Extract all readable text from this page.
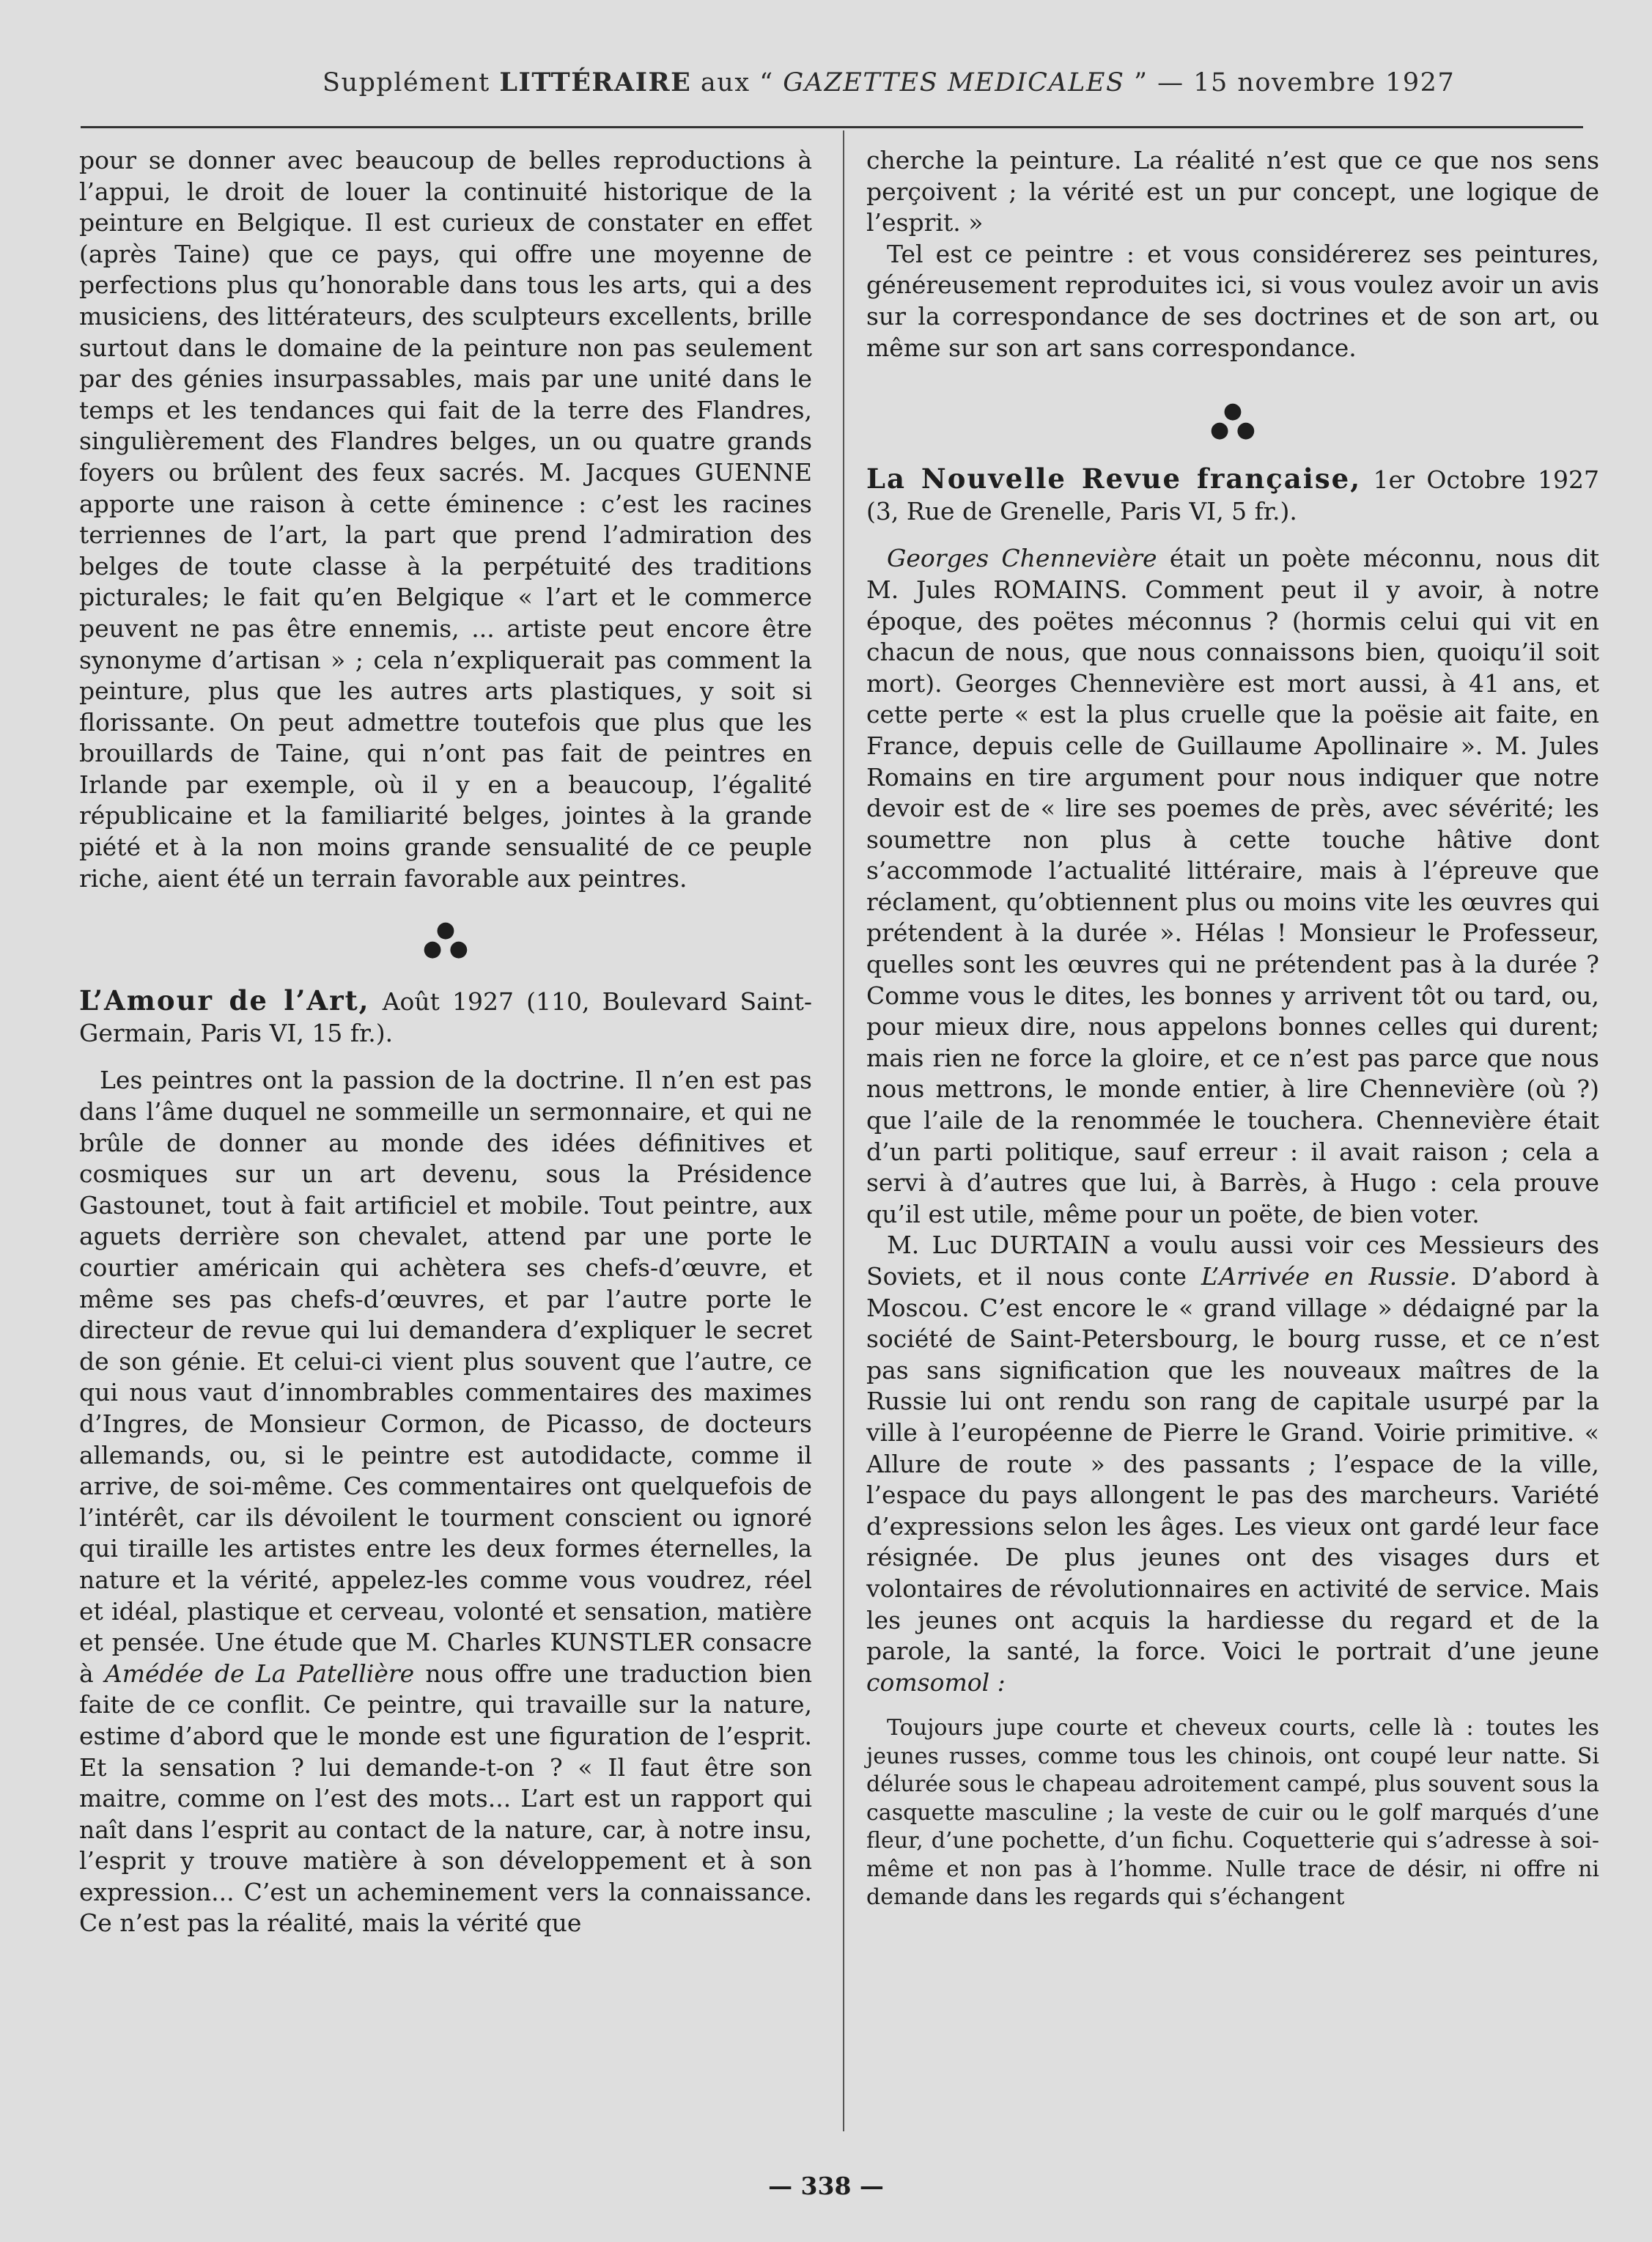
Supplément LITTÉRAIRE aux “ GAZETTES MEDICALES ” — 15 novembre 1927

pour se donner avec beaucoup de belles reproductions à l’appui, le droit de louer la continuité historique de la peinture en Belgique. Il est curieux de constater en effet (après Taine) que ce pays, qui offre une moyenne de perfections plus qu’honorable dans tous les arts, qui a des musiciens, des littérateurs, des sculpteurs excellents, brille surtout dans le domaine de la peinture non pas seulement par des génies insurpassables, mais par une unité dans le temps et les tendances qui fait de la terre des Flandres, singulièrement des Flandres belges, un ou quatre grands foyers ou brûlent des feux sacrés. M. Jacques GUENNE apporte une raison à cette éminence : c’est les racines terriennes de l’art, la part que prend l’admiration des belges de toute classe à la perpétuité des traditions picturales; le fait qu’en Belgique « l’art et le commerce peuvent ne pas être ennemis, ... artiste peut encore être synonyme d’artisan » ; cela n’expliquerait pas comment la peinture, plus que les autres arts plastiques, y soit si florissante. On peut admettre toutefois que plus que les brouillards de Taine, qui n’ont pas fait de peintres en Irlande par exemple, où il y en a beaucoup, l’égalité républicaine et la familiarité belges, jointes à la grande piété et à la non moins grande sensualité de ce peuple riche, aient été un terrain favorable aux peintres.

●
● ●

L’Amour de l’Art, Août 1927 (110, Boulevard Saint-Germain, Paris VI, 15 fr.).

Les peintres ont la passion de la doctrine. Il n’en est pas dans l’âme duquel ne sommeille un sermonnaire, et qui ne brûle de donner au monde des idées définitives et cosmiques sur un art devenu, sous la Présidence Gastounet, tout à fait artificiel et mobile. Tout peintre, aux aguets derrière son chevalet, attend par une porte le courtier américain qui achètera ses chefs-d’œuvre, et même ses pas chefs-d’œuvres, et par l’autre porte le directeur de revue qui lui demandera d’expliquer le secret de son génie. Et celui-ci vient plus souvent que l’autre, ce qui nous vaut d’innombrables commentaires des maximes d’Ingres, de Monsieur Cormon, de Picasso, de docteurs allemands, ou, si le peintre est autodidacte, comme il arrive, de soi-même. Ces commentaires ont quelquefois de l’intérêt, car ils dévoilent le tourment conscient ou ignoré qui tiraille les artistes entre les deux formes éternelles, la nature et la vérité, appelez-les comme vous voudrez, réel et idéal, plastique et cerveau, volonté et sensation, matière et pensée. Une étude que M. Charles KUNSTLER consacre à Amédée de La Patellière nous offre une traduction bien faite de ce conflit. Ce peintre, qui travaille sur la nature, estime d’abord que le monde est une figuration de l’esprit. Et la sensation ? lui demande-t-on ? « Il faut être son maitre, comme on l’est des mots... L’art est un rapport qui naît dans l’esprit au contact de la nature, car, à notre insu, l’esprit y trouve matière à son développement et à son expression... C’est un acheminement vers la connaissance. Ce n’est pas la réalité, mais la vérité que

cherche la peinture. La réalité n’est que ce que nos sens perçoivent ; la vérité est un pur concept, une logique de l’esprit. »

Tel est ce peintre : et vous considérerez ses peintures, généreusement reproduites ici, si vous voulez avoir un avis sur la correspondance de ses doctrines et de son art, ou même sur son art sans correspondance.

●
● ●

La Nouvelle Revue française, 1er Octobre 1927 (3, Rue de Grenelle, Paris VI, 5 fr.).

Georges Chennevière était un poète méconnu, nous dit M. Jules ROMAINS. Comment peut il y avoir, à notre époque, des poëtes méconnus ? (hormis celui qui vit en chacun de nous, que nous connaissons bien, quoiqu’il soit mort). Georges Chennevière est mort aussi, à 41 ans, et cette perte « est la plus cruelle que la poësie ait faite, en France, depuis celle de Guillaume Apollinaire ». M. Jules Romains en tire argument pour nous indiquer que notre devoir est de « lire ses poemes de près, avec sévérité; les soumettre non plus à cette touche hâtive dont s’accommode l’actualité littéraire, mais à l’épreuve que réclament, qu’obtiennent plus ou moins vite les œuvres qui prétendent à la durée ». Hélas ! Monsieur le Professeur, quelles sont les œuvres qui ne prétendent pas à la durée ? Comme vous le dites, les bonnes y arrivent tôt ou tard, ou, pour mieux dire, nous appelons bonnes celles qui durent; mais rien ne force la gloire, et ce n’est pas parce que nous nous mettrons, le monde entier, à lire Chennevière (où ?) que l’aile de la renommée le touchera. Chennevière était d’un parti politique, sauf erreur : il avait raison ; cela a servi à d’autres que lui, à Barrès, à Hugo : cela prouve qu’il est utile, même pour un poëte, de bien voter.

M. Luc DURTAIN a voulu aussi voir ces Messieurs des Soviets, et il nous conte L’Arrivée en Russie. D’abord à Moscou. C’est encore le « grand village » dédaigné par la société de Saint-Petersbourg, le bourg russe, et ce n’est pas sans signification que les nouveaux maîtres de la Russie lui ont rendu son rang de capitale usurpé par la ville à l’européenne de Pierre le Grand. Voirie primitive. « Allure de route » des passants ; l’espace de la ville, l’espace du pays allongent le pas des marcheurs. Variété d’expressions selon les âges. Les vieux ont gardé leur face résignée. De plus jeunes ont des visages durs et volontaires de révolutionnaires en activité de service. Mais les jeunes ont acquis la hardiesse du regard et de la parole, la santé, la force. Voici le portrait d’une jeune comsomol :

Toujours jupe courte et cheveux courts, celle là : toutes les jeunes russes, comme tous les chinois, ont coupé leur natte. Si délurée sous le chapeau adroitement campé, plus souvent sous la casquette masculine ; la veste de cuir ou le golf marqués d’une fleur, d’une pochette, d’un fichu. Coquetterie qui s’adresse à soi-même et non pas à l’homme. Nulle trace de désir, ni offre ni demande dans les regards qui s’échangent

— 338 —
